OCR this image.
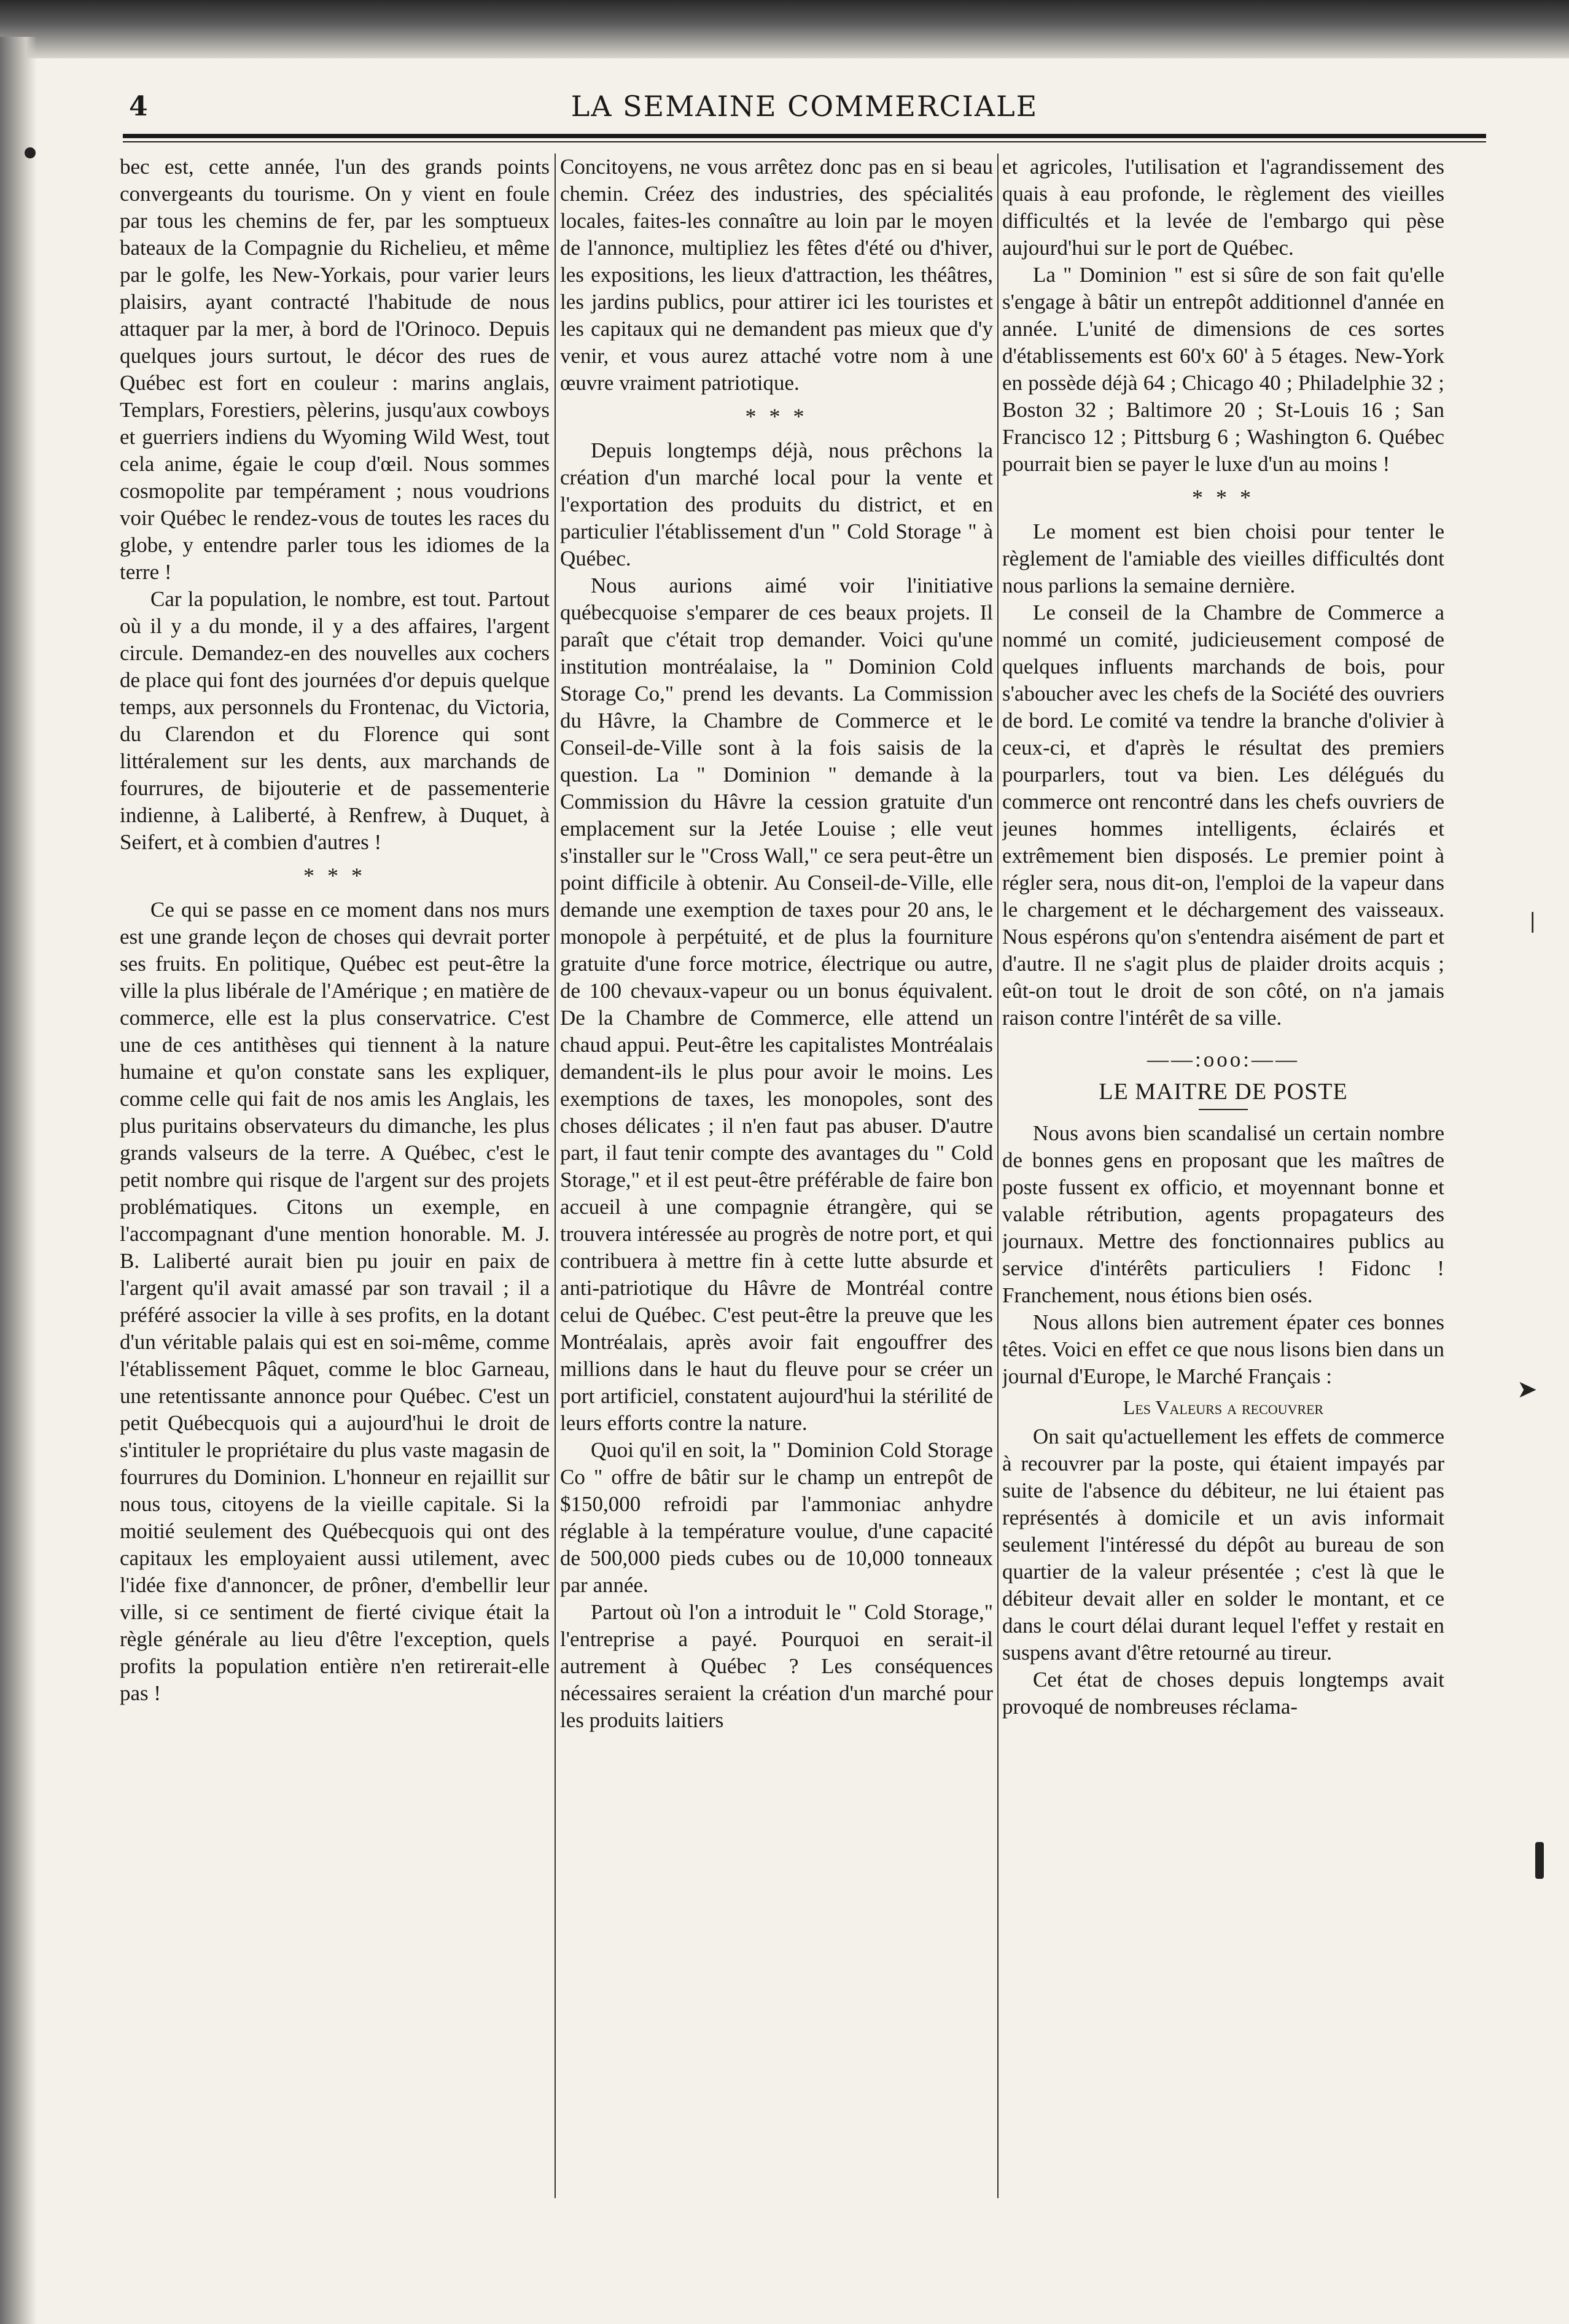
4	LA SEMAINE COMMERCIALE

bec est, cette année, l'un des grands points convergeants du tourisme. On y vient en foule par tous les chemins de fer, par les somptueux bateaux de la Compagnie du Richelieu, et même par le golfe, les New-Yorkais, pour varier leurs plaisirs, ayant contracté l'habitude de nous attaquer par la mer, à bord de l'Orinoco. Depuis quelques jours surtout, le décor des rues de Québec est fort en couleur : marins anglais, Templars, Forestiers, pèlerins, jusqu'aux cowboys et guerriers indiens du Wyoming Wild West, tout cela anime, égaie le coup d'œil. Nous sommes cosmopolite par tempérament ; nous voudrions voir Québec le rendez-vous de toutes les races du globe, y entendre parler tous les idiomes de la terre !

Car la population, le nombre, est tout. Partout où il y a du monde, il y a des affaires, l'argent circule. Demandez-en des nouvelles aux cochers de place qui font des journées d'or depuis quelque temps, aux personnels du Frontenac, du Victoria, du Clarendon et du Florence qui sont littéralement sur les dents, aux marchands de fourrures, de bijouterie et de passementerie indienne, à Laliberté, à Renfrew, à Duquet, à Seifert, et à combien d'autres !

* * *

Ce qui se passe en ce moment dans nos murs est une grande leçon de choses qui devrait porter ses fruits. En politique, Québec est peut-être la ville la plus libérale de l'Amérique ; en matière de commerce, elle est la plus conservatrice. C'est une de ces antithèses qui tiennent à la nature humaine et qu'on constate sans les expliquer, comme celle qui fait de nos amis les Anglais, les plus puritains observateurs du dimanche, les plus grands valseurs de la terre. A Québec, c'est le petit nombre qui risque de l'argent sur des projets problématiques. Citons un exemple, en l'accompagnant d'une mention honorable. M. J. B. Laliberté aurait bien pu jouir en paix de l'argent qu'il avait amassé par son travail ; il a préféré associer la ville à ses profits, en la dotant d'un véritable palais qui est en soi-même, comme l'établissement Pâquet, comme le bloc Garneau, une retentissante annonce pour Québec. C'est un petit Québecquois qui a aujourd'hui le droit de s'intituler le propriétaire du plus vaste magasin de fourrures du Dominion. L'honneur en rejaillit sur nous tous, citoyens de la vieille capitale. Si la moitié seulement des Québecquois qui ont des capitaux les employaient aussi utilement, avec l'idée fixe d'annoncer, de prôner, d'embellir leur ville, si ce sentiment de fierté civique était la règle générale au lieu d'être l'exception, quels profits la population entière n'en retirerait-elle pas !

Concitoyens, ne vous arrêtez donc pas en si beau chemin. Créez des industries, des spécialités locales, faites-les connaître au loin par le moyen de l'annonce, multipliez les fêtes d'été ou d'hiver, les expositions, les lieux d'attraction, les théâtres, les jardins publics, pour attirer ici les touristes et les capitaux qui ne demandent pas mieux que d'y venir, et vous aurez attaché votre nom à une œuvre vraiment patriotique.

* * *

Depuis longtemps déjà, nous prêchons la création d'un marché local pour la vente et l'exportation des produits du district, et en particulier l'établissement d'un " Cold Storage " à Québec.

Nous aurions aimé voir l'initiative québecquoise s'emparer de ces beaux projets. Il paraît que c'était trop demander. Voici qu'une institution montréalaise, la " Dominion Cold Storage Co," prend les devants. La Commission du Hâvre, la Chambre de Commerce et le Conseil-de-Ville sont à la fois saisis de la question. La " Dominion " demande à la Commission du Hâvre la cession gratuite d'un emplacement sur la Jetée Louise ; elle veut s'installer sur le "Cross Wall," ce sera peut-être un point difficile à obtenir. Au Conseil-de-Ville, elle demande une exemption de taxes pour 20 ans, le monopole à perpétuité, et de plus la fourniture gratuite d'une force motrice, électrique ou autre, de 100 chevaux-vapeur ou un bonus équivalent. De la Chambre de Commerce, elle attend un chaud appui. Peut-être les capitalistes Montréalais demandent-ils le plus pour avoir le moins. Les exemptions de taxes, les monopoles, sont des choses délicates ; il n'en faut pas abuser. D'autre part, il faut tenir compte des avantages du " Cold Storage," et il est peut-être préférable de faire bon accueil à une compagnie étrangère, qui se trouvera intéressée au progrès de notre port, et qui contribuera à mettre fin à cette lutte absurde et anti-patriotique du Hâvre de Montréal contre celui de Québec. C'est peut-être la preuve que les Montréalais, après avoir fait engouffrer des millions dans le haut du fleuve pour se créer un port artificiel, constatent aujourd'hui la stérilité de leurs efforts contre la nature.

Quoi qu'il en soit, la " Dominion Cold Storage Co " offre de bâtir sur le champ un entrepôt de $150,000 refroidi par l'ammoniac anhydre réglable à la température voulue, d'une capacité de 500,000 pieds cubes ou de 10,000 tonneaux par année.

Partout où l'on a introduit le " Cold Storage," l'entreprise a payé. Pourquoi en serait-il autrement à Québec ? Les conséquences nécessaires seraient la création d'un marché pour les produits laitiers

et agricoles, l'utilisation et l'agrandissement des quais à eau profonde, le règlement des vieilles difficultés et la levée de l'embargo qui pèse aujourd'hui sur le port de Québec.

La " Dominion " est si sûre de son fait qu'elle s'engage à bâtir un entrepôt additionnel d'année en année. L'unité de dimensions de ces sortes d'établissements est 60'x 60' à 5 étages. New-York en possède déjà 64 ; Chicago 40 ; Philadelphie 32 ; Boston 32 ; Baltimore 20 ; St-Louis 16 ; San Francisco 12 ; Pittsburg 6 ; Washington 6. Québec pourrait bien se payer le luxe d'un au moins !

* * *

Le moment est bien choisi pour tenter le règlement de l'amiable des vieilles difficultés dont nous parlions la semaine dernière.

Le conseil de la Chambre de Commerce a nommé un comité, judicieusement composé de quelques influents marchands de bois, pour s'aboucher avec les chefs de la Société des ouvriers de bord. Le comité va tendre la branche d'olivier à ceux-ci, et d'après le résultat des premiers pourparlers, tout va bien. Les délégués du commerce ont rencontré dans les chefs ouvriers de jeunes hommes intelligents, éclairés et extrêmement bien disposés. Le premier point à régler sera, nous dit-on, l'emploi de la vapeur dans le chargement et le déchargement des vaisseaux. Nous espérons qu'on s'entendra aisément de part et d'autre. Il ne s'agit plus de plaider droits acquis ; eût-on tout le droit de son côté, on n'a jamais raison contre l'intérêt de sa ville.

——:ooo:——
LE MAITRE DE POSTE

Nous avons bien scandalisé un certain nombre de bonnes gens en proposant que les maîtres de poste fussent ex officio, et moyennant bonne et valable rétribution, agents propagateurs des journaux. Mettre des fonctionnaires publics au service d'intérêts particuliers ! Fidonc ! Franchement, nous étions bien osés.

Nous allons bien autrement épater ces bonnes têtes. Voici en effet ce que nous lisons bien dans un journal d'Europe, le Marché Français :

Les Valeurs a recouvrer

On sait qu'actuellement les effets de commerce à recouvrer par la poste, qui étaient impayés par suite de l'absence du débiteur, ne lui étaient pas représentés à domicile et un avis informait seulement l'intéressé du dépôt au bureau de son quartier de la valeur présentée ; c'est là que le débiteur devait aller en solder le montant, et ce dans le court délai durant lequel l'effet y restait en suspens avant d'être retourné au tireur.

Cet état de choses depuis longtemps avait provoqué de nombreuses réclama-

➤
|
